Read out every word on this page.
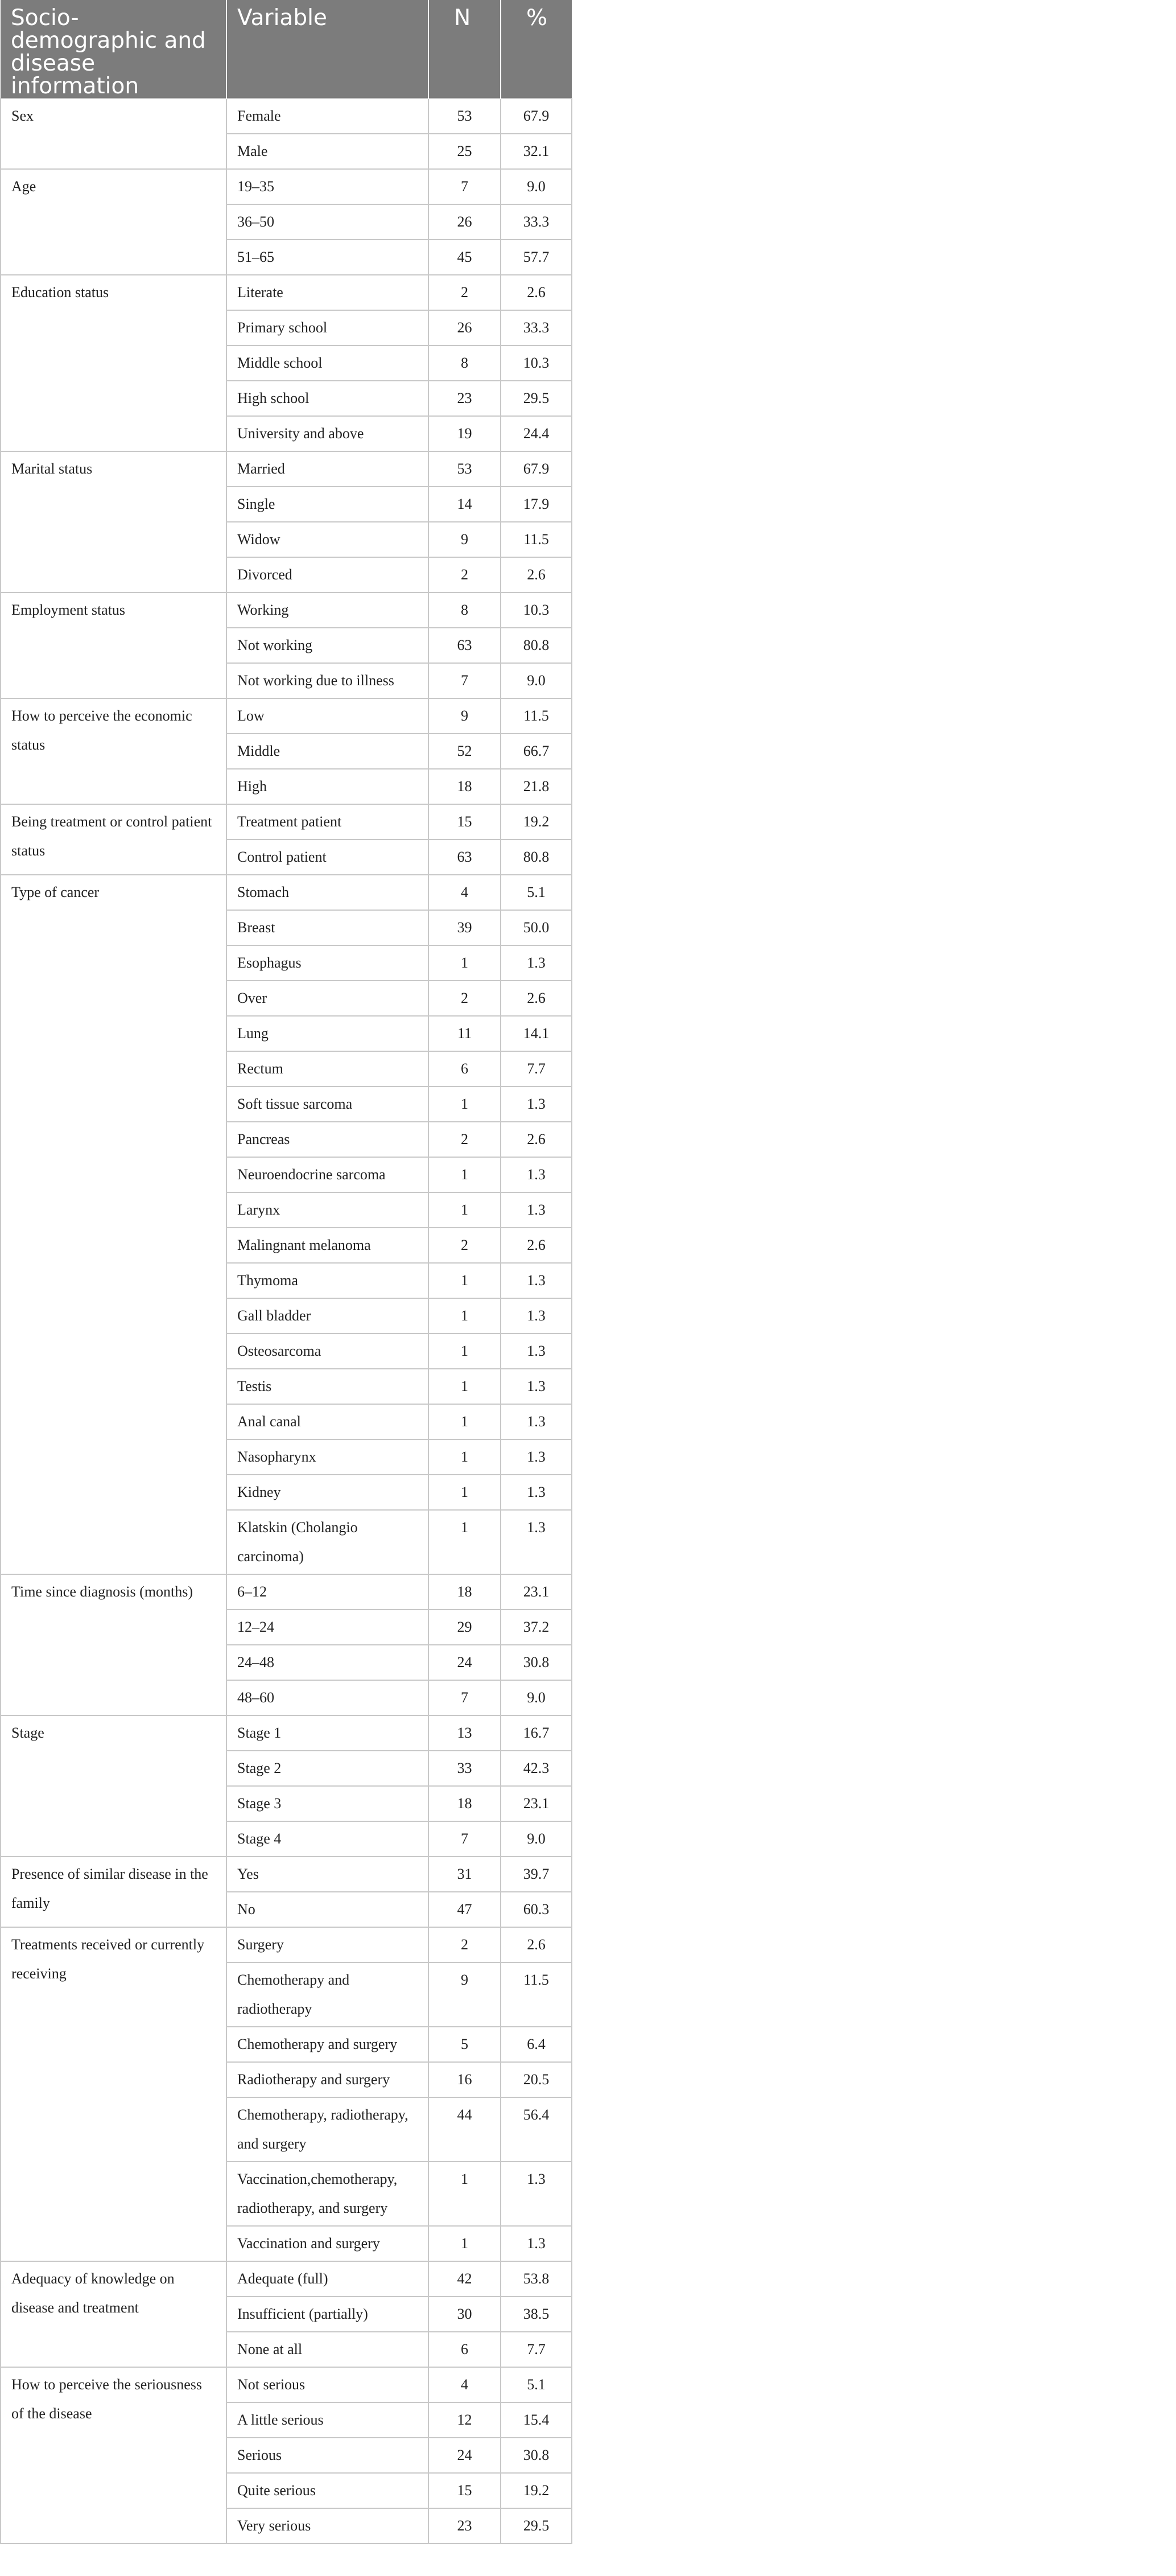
Socio-demographic and disease information	Variable	N	%
Sex	Female	53	67.9
	Male	25	32.1
Age	19–35	7	9.0
	36–50	26	33.3
	51–65	45	57.7
Education status	Literate	2	2.6
	Primary school	26	33.3
	Middle school	8	10.3
	High school	23	29.5
	University and above	19	24.4
Marital status	Married	53	67.9
	Single	14	17.9
	Widow	9	11.5
	Divorced	2	2.6
Employment status	Working	8	10.3
	Not working	63	80.8
	Not working due to illness	7	9.0
How to perceive the economic status	Low	9	11.5
	Middle	52	66.7
	High	18	21.8
Being treatment or control patient status	Treatment patient	15	19.2
	Control patient	63	80.8
Type of cancer	Stomach	4	5.1
	Breast	39	50.0
	Esophagus	1	1.3
	Over	2	2.6
	Lung	11	14.1
	Rectum	6	7.7
	Soft tissue sarcoma	1	1.3
	Pancreas	2	2.6
	Neuroendocrine sarcoma	1	1.3
	Larynx	1	1.3
	Malingnant melanoma	2	2.6
	Thymoma	1	1.3
	Gall bladder	1	1.3
	Osteosarcoma	1	1.3
	Testis	1	1.3
	Anal canal	1	1.3
	Nasopharynx	1	1.3
	Kidney	1	1.3
	Klatskin (Cholangio carcinoma)	1	1.3
Time since diagnosis (months)	6–12	18	23.1
	12–24	29	37.2
	24–48	24	30.8
	48–60	7	9.0
Stage	Stage 1	13	16.7
	Stage 2	33	42.3
	Stage 3	18	23.1
	Stage 4	7	9.0
Presence of similar disease in the family	Yes	31	39.7
	No	47	60.3
Treatments received or currently receiving	Surgery	2	2.6
	Chemotherapy and radiotherapy	9	11.5
	Chemotherapy and surgery	5	6.4
	Radiotherapy and surgery	16	20.5
	Chemotherapy, radiotherapy, and surgery	44	56.4
	Vaccination,chemotherapy, radiotherapy, and surgery	1	1.3
	Vaccination and surgery	1	1.3
Adequacy of knowledge on disease and treatment	Adequate (full)	42	53.8
	Insufficient (partially)	30	38.5
	None at all	6	7.7
How to perceive the seriousness of the disease	Not serious	4	5.1
	A little serious	12	15.4
	Serious	24	30.8
	Quite serious	15	19.2
	Very serious	23	29.5
